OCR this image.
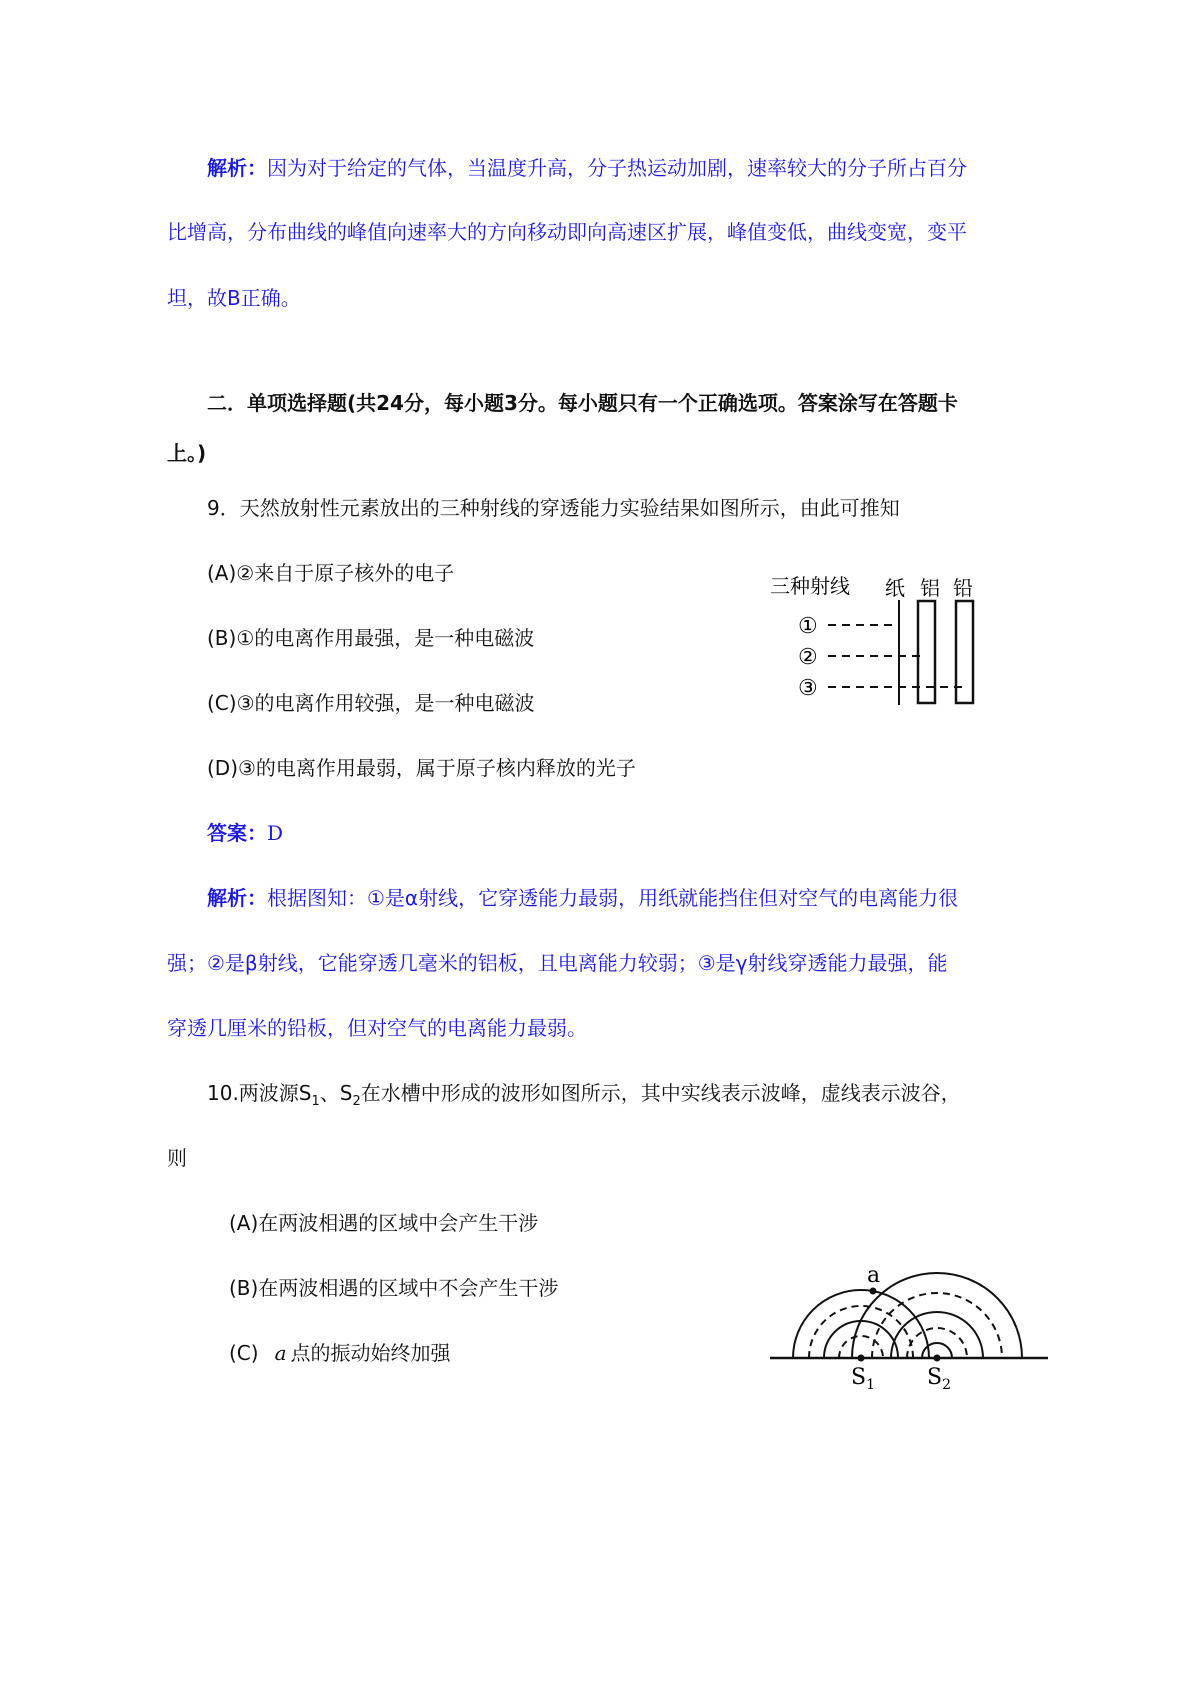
解析：因为对于给定的气体，当温度升高，分子热运动加剧，速率较大的分子所占百分
比增高，分布曲线的峰值向速率大的方向移动即向高速区扩展，峰值变低，曲线变宽，变平
坦，故B正确。
二．单项选择题(共24分，每小题3分。每小题只有一个正确选项。答案涂写在答题卡
上。)
9．天然放射性元素放出的三种射线的穿透能力实验结果如图所示，由此可推知
(A)②来自于原子核外的电子
(B)①的电离作用最强，是一种电磁波
(C)③的电离作用较强，是一种电磁波
(D)③的电离作用最弱，属于原子核内释放的光子
三种射线 纸 铝 铅
①
②
③
答案：D
解析：根据图知：①是α射线，它穿透能力最弱，用纸就能挡住但对空气的电离能力很
强；②是β射线，它能穿透几毫米的铝板，且电离能力较弱；③是γ射线穿透能力最强，能
穿透几厘米的铅板，但对空气的电离能力最弱。
10.两波源$S_1$、$S_2$在水槽中形成的波形如图所示，其中实线表示波峰，虚线表示波谷，
则
(A)在两波相遇的区域中会产生干涉
(B)在两波相遇的区域中不会产生干涉
(C) a 点的振动始终加强
a
$S_1$ $S_2$
